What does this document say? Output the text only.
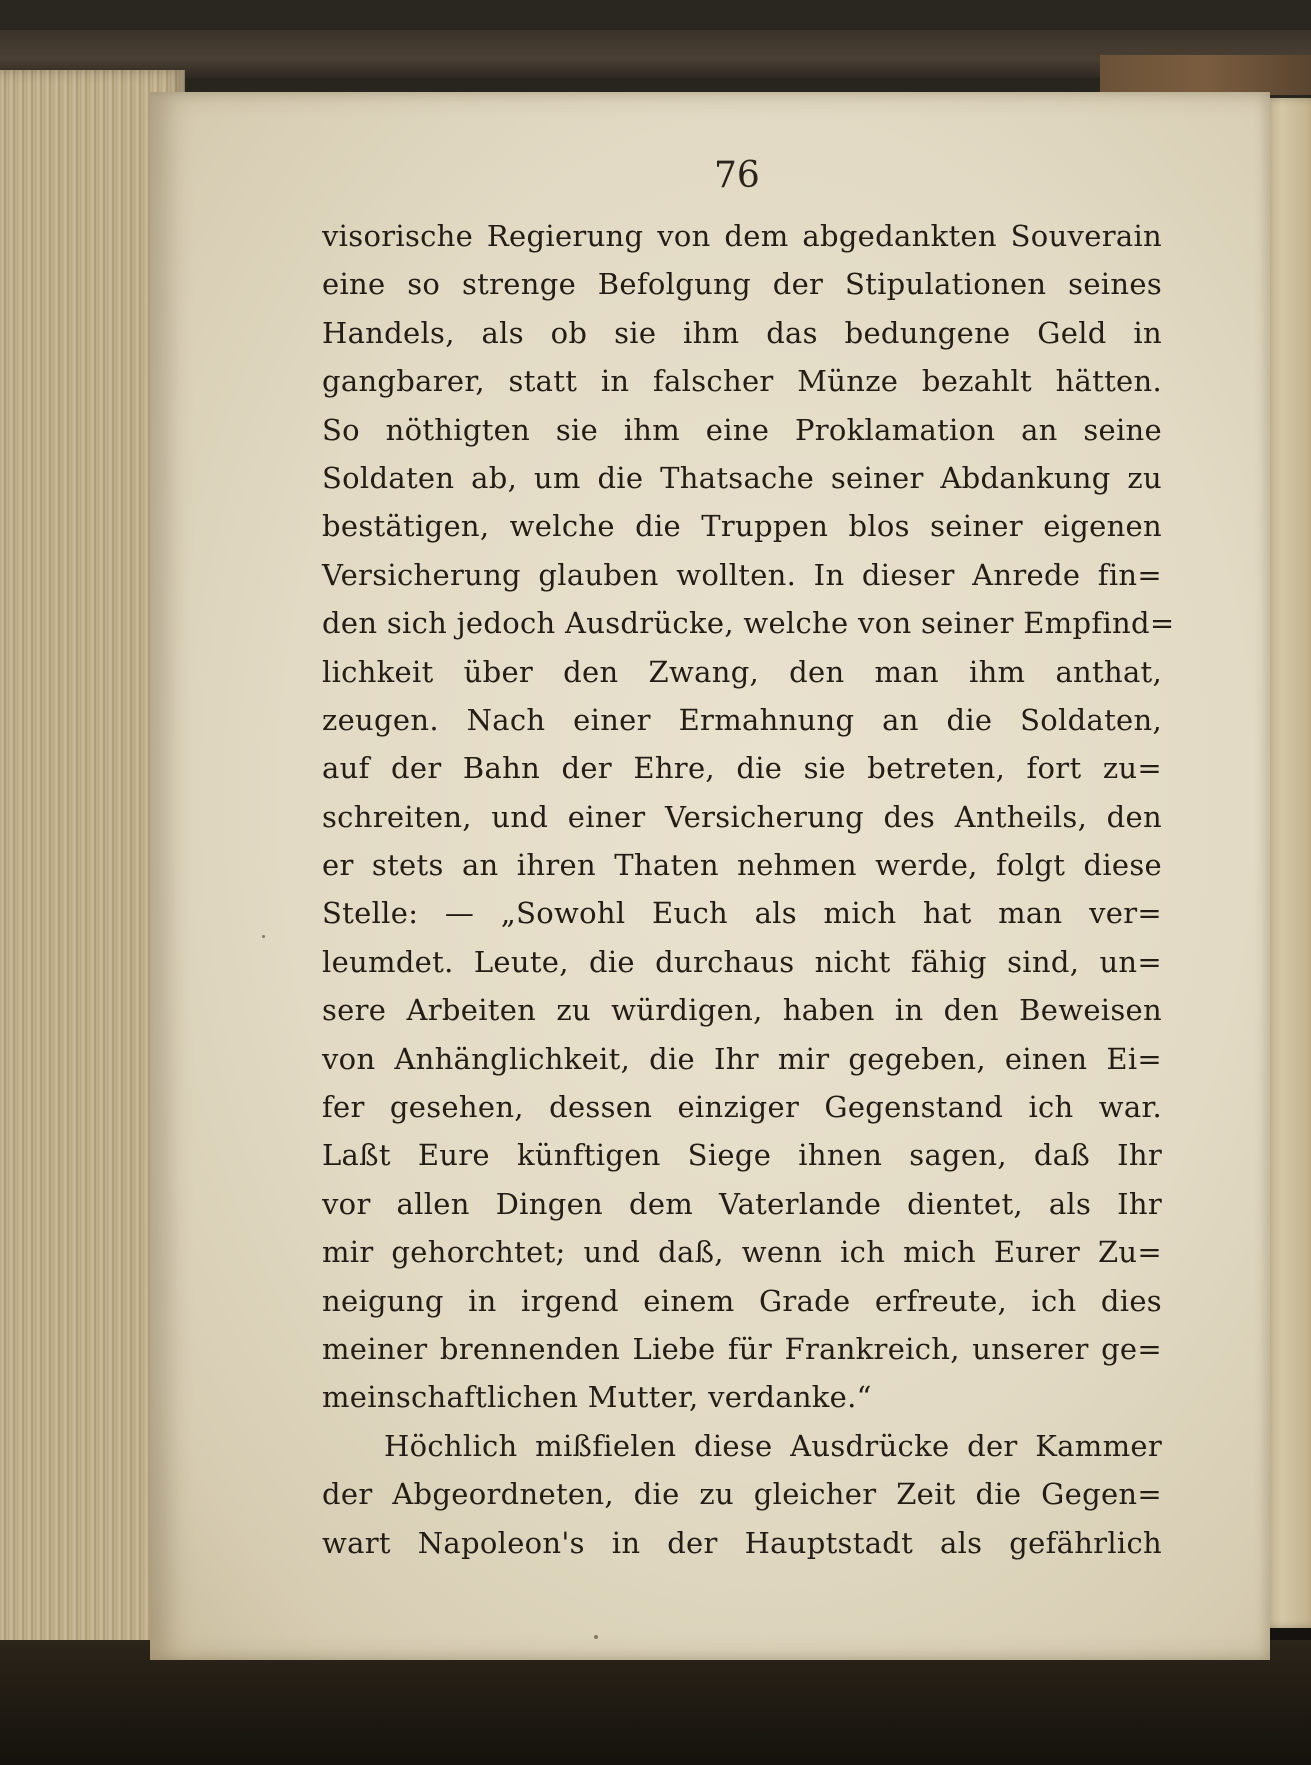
76
visorische Regierung von dem abgedankten Souverain
eine so strenge Befolgung der Stipulationen seines
Handels, als ob sie ihm das bedungene Geld in
gangbarer, statt in falscher Münze bezahlt hätten.
So nöthigten sie ihm eine Proklamation an seine
Soldaten ab, um die Thatsache seiner Abdankung zu
bestätigen, welche die Truppen blos seiner eigenen
Versicherung glauben wollten. In dieser Anrede fin=
den sich jedoch Ausdrücke, welche von seiner Empfind=
lichkeit über den Zwang, den man ihm anthat,
zeugen. Nach einer Ermahnung an die Soldaten,
auf der Bahn der Ehre, die sie betreten, fort zu=
schreiten, und einer Versicherung des Antheils, den
er stets an ihren Thaten nehmen werde, folgt diese
Stelle: — „Sowohl Euch als mich hat man ver=
leumdet. Leute, die durchaus nicht fähig sind, un=
sere Arbeiten zu würdigen, haben in den Beweisen
von Anhänglichkeit, die Ihr mir gegeben, einen Ei=
fer gesehen, dessen einziger Gegenstand ich war.
Laßt Eure künftigen Siege ihnen sagen, daß Ihr
vor allen Dingen dem Vaterlande dientet, als Ihr
mir gehorchtet; und daß, wenn ich mich Eurer Zu=
neigung in irgend einem Grade erfreute, ich dies
meiner brennenden Liebe für Frankreich, unserer ge=
meinschaftlichen Mutter, verdanke.“
Höchlich mißfielen diese Ausdrücke der Kammer
der Abgeordneten, die zu gleicher Zeit die Gegen=
wart Napoleon's in der Hauptstadt als gefährlich
